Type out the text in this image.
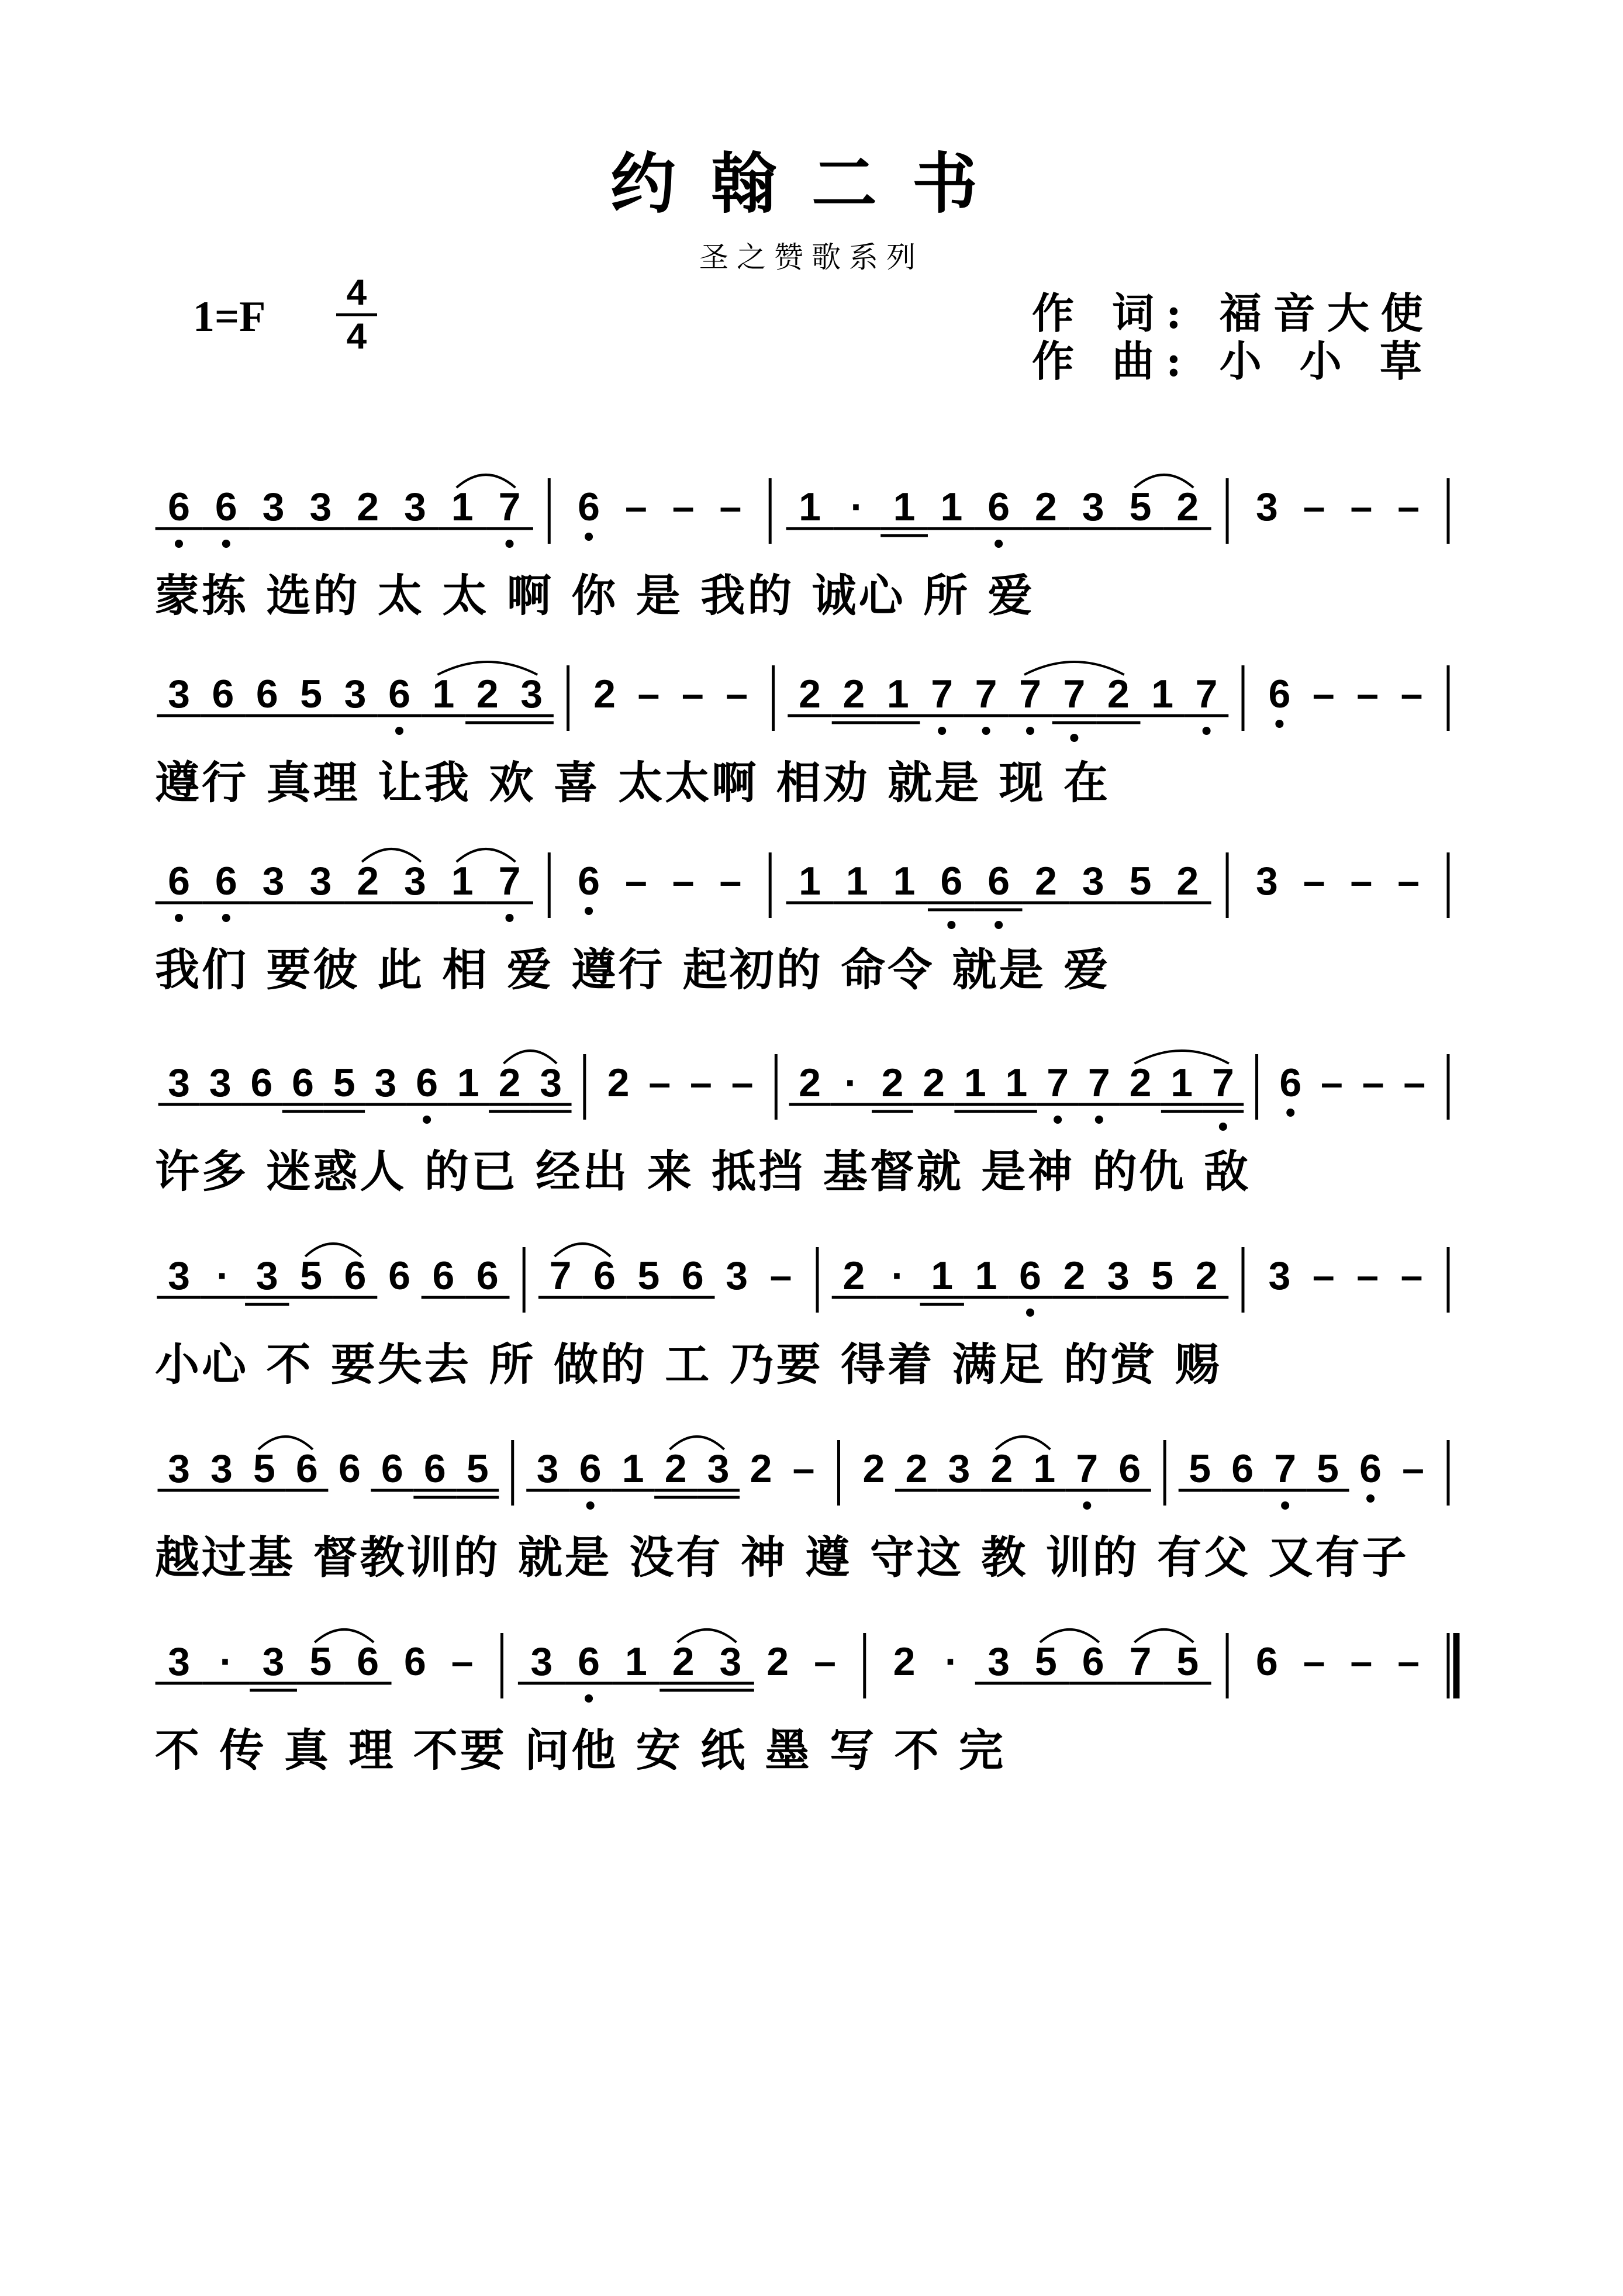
约翰二书
圣之赞歌系列
1=F
4
4	作 词: 福音大使
作 曲: 小 小 草
6 6 3 3 2 3 1 7 6 – – – 1 · 1 1 6 2 3 5 2 3 – – –
蒙拣 选的 太 太 啊 你 是 我的 诚心 所 爱
3 6 6 5 3 6 1 2 3 2 – – – 2 2 1 7 7 7 7 2 1 7 6 – – –
遵行 真理 让我 欢 喜 太太啊 相劝 就是 现 在
6 6 3 3 2 3 1 7 6 – – – 1 1 1 6 6 2 3 5 2 3 – – –
我们 要彼 此 相 爱 遵行 起初的 命令 就是 爱
3 3 6 6 5 3 6 1 2 3 2 – – – 2 · 2 2 1 1 7 7 2 1 7 6 – – –
许多 迷惑人 的已 经出 来 抵挡 基督就 是神 的仇 敌
3 · 3 5 6 6 6 6 7 6 5 6 3 – 2 · 1 1 6 2 3 5 2 3 – – –
小心 不 要失去 所 做的 工 乃要 得着 满足 的赏 赐
3 3 5 6 6 6 6 5 3 6 1 2 3 2 – 2 2 3 2 1 7 6 5 6 7 5 6 –
越过基 督教训的 就是 没有 神 遵 守这 教 训的 有父 又有子
3 · 3 5 6 6 – 3 6 1 2 3 2 – 2 · 3 5 6 7 5 6 – – –
不 传 真 理 不要 问他 安 纸 墨 写 不 完
